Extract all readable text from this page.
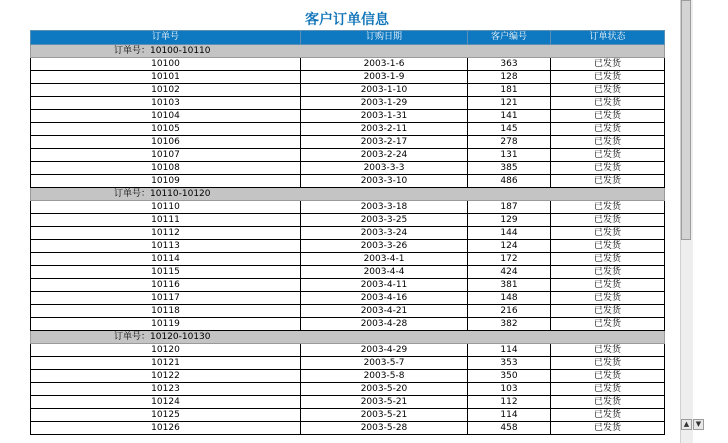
客户订单信息
订单号	订购日期	客户编号	订单状态
订单号：10100-10110			
10100	2003-1-6	363	已发货
10101	2003-1-9	128	已发货
10102	2003-1-10	181	已发货
10103	2003-1-29	121	已发货
10104	2003-1-31	141	已发货
10105	2003-2-11	145	已发货
10106	2003-2-17	278	已发货
10107	2003-2-24	131	已发货
10108	2003-3-3	385	已发货
10109	2003-3-10	486	已发货
订单号：10110-10120			
10110	2003-3-18	187	已发货
10111	2003-3-25	129	已发货
10112	2003-3-24	144	已发货
10113	2003-3-26	124	已发货
10114	2003-4-1	172	已发货
10115	2003-4-4	424	已发货
10116	2003-4-11	381	已发货
10117	2003-4-16	148	已发货
10118	2003-4-21	216	已发货
10119	2003-4-28	382	已发货
订单号：10120-10130			
10120	2003-4-29	114	已发货
10121	2003-5-7	353	已发货
10122	2003-5-8	350	已发货
10123	2003-5-20	103	已发货
10124	2003-5-21	112	已发货
10125	2003-5-21	114	已发货
10126	2003-5-28	458	已发货	▲ ▼
